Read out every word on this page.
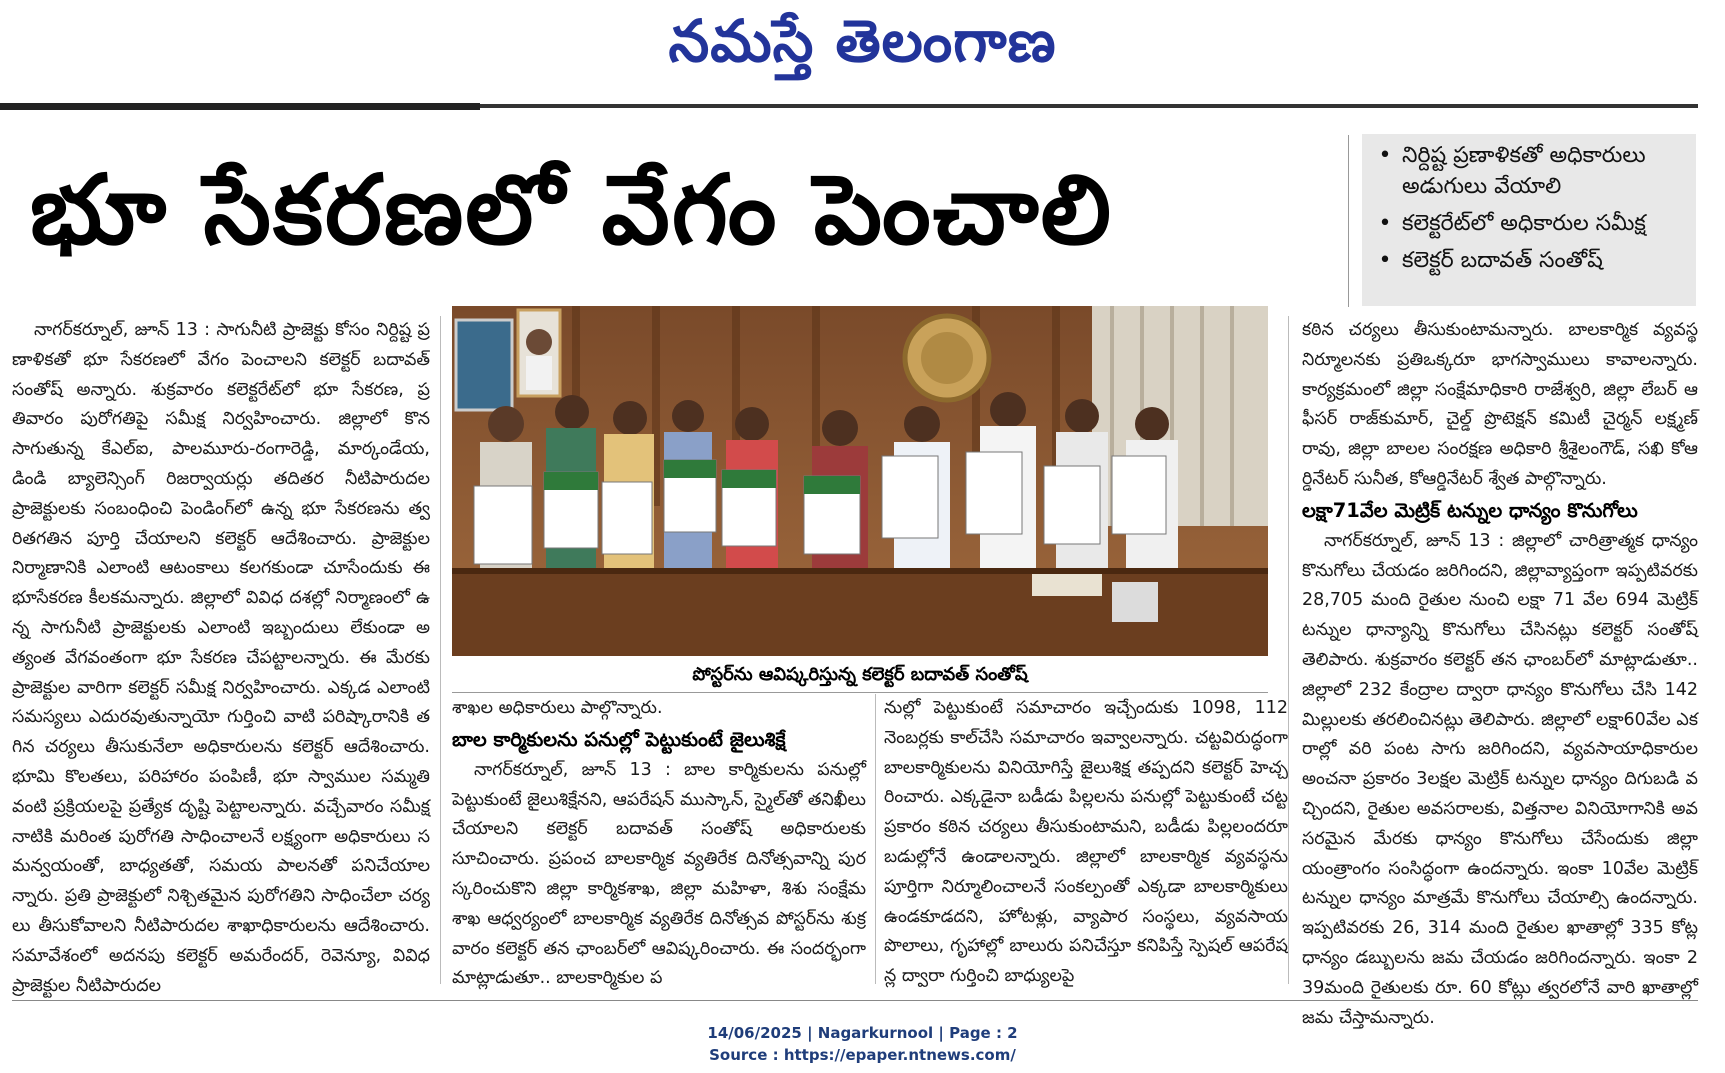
నమస్తే తెలంగాణ
భూ సేకరణలో వేగం పెంచాలి	• నిర్దిష్ట ప్రణాళికతో అధికారులు అడుగులు వేయాలి
• కలెక్టరేట్‌లో అధికారుల సమీక్ష
• కలెక్టర్ బదావత్ సంతోష్

నాగర్‌కర్నూల్, జూన్ 13 : సాగునీటి ప్రాజెక్టు కోసం నిర్దిష్ట ప్రణాళికతో భూ సేకరణలో వేగం పెంచాలని కలెక్టర్ బదావత్ సంతోష్ అన్నారు. శుక్రవారం కలెక్టరేట్‌లో భూ సేకరణ, ప్రతివారం పురోగతిపై సమీక్ష నిర్వహించారు. జిల్లాలో కొనసాగుతున్న కేఎల్ఐ, పాలమూరు-రంగారెడ్డి, మార్కండేయ, డిండి బ్యాలెన్సింగ్ రిజర్వాయర్లు తదితర నీటిపారుదల ప్రాజెక్టులకు సంబంధించి పెండింగ్‌లో ఉన్న భూ సేకరణను త్వరితగతిన పూర్తి చేయాలని కలెక్టర్ ఆదేశించారు. ప్రాజెక్టుల నిర్మాణానికి ఎలాంటి ఆటంకాలు కలగకుండా చూసేందుకు ఈ భూసేకరణ కీలకమన్నారు. జిల్లాలో వివిధ దశల్లో నిర్మాణంలో ఉన్న సాగునీటి ప్రాజెక్టులకు ఎలాంటి ఇబ్బందులు లేకుండా అత్యంత వేగవంతంగా భూ సేకరణ చేపట్టాలన్నారు. ఈ మేరకు ప్రాజెక్టుల వారిగా కలెక్టర్ సమీక్ష నిర్వహించారు. ఎక్కడ ఎలాంటి సమస్యలు ఎదురవుతున్నాయో గుర్తించి వాటి పరిష్కారానికి తగిన చర్యలు తీసుకునేలా అధికారులను కలెక్టర్ ఆదేశించారు. భూమి కొలతలు, పరిహారం పంపిణీ, భూ స్వాముల సమ్మతి వంటి ప్రక్రియలపై ప్రత్యేక దృష్టి పెట్టాలన్నారు. వచ్చేవారం సమీక్ష నాటికి మరింత పురోగతి సాధించాలనే లక్ష్యంగా అధికారులు సమన్వయంతో, బాధ్యతతో, సమయ పాలనతో పనిచేయాలన్నారు. ప్రతి ప్రాజెక్టులో నిశ్చితమైన పురోగతిని సాధించేలా చర్యలు తీసుకోవాలని నీటిపారుదల శాఖాధికారులను ఆదేశించారు. సమావేశంలో అదనపు కలెక్టర్ అమరేందర్, రెవెన్యూ, వివిధ ప్రాజెక్టుల నీటిపారుదల

పోస్టర్‌ను ఆవిష్కరిస్తున్న కలెక్టర్ బదావత్ సంతోష్

శాఖల అధికారులు పాల్గొన్నారు.

బాల కార్మికులను పనుల్లో పెట్టుకుంటే జైలుశిక్షే

నాగర్‌కర్నూల్, జూన్ 13 : బాల కార్మికులను పనుల్లో పెట్టుకుంటే జైలుశిక్షేనని, ఆపరేషన్ ముస్కాన్, స్మైల్‌తో తనిఖీలు చేయాలని కలెక్టర్ బదావత్ సంతోష్ అధికారులకు సూచించారు. ప్రపంచ బాలకార్మిక వ్యతిరేక దినోత్సవాన్ని పురస్కరించుకొని జిల్లా కార్మికశాఖ, జిల్లా మహిళా, శిశు సంక్షేమశాఖ ఆధ్వర్యంలో బాలకార్మిక వ్యతిరేక దినోత్సవ పోస్టర్‌ను శుక్రవారం కలెక్టర్ తన ఛాంబర్‌లో ఆవిష్కరించారు. ఈ సందర్భంగా మాట్లాడుతూ.. బాలకార్మికుల ప

నుల్లో పెట్టుకుంటే సమాచారం ఇచ్చేందుకు 1098, 112 నెంబర్లకు కాల్‌చేసి సమాచారం ఇవ్వాలన్నారు. చట్టవిరుద్ధంగా బాలకార్మికులను వినియోగిస్తే జైలుశిక్ష తప్పదని కలెక్టర్ హెచ్చరించారు. ఎక్కడైనా బడీడు పిల్లలను పనుల్లో పెట్టుకుంటే చట్టప్రకారం కఠిన చర్యలు తీసుకుంటామని, బడీడు పిల్లలందరూ బడుల్లోనే ఉండాలన్నారు. జిల్లాలో బాలకార్మిక వ్యవస్థను పూర్తిగా నిర్మూలించాలనే సంకల్పంతో ఎక్కడా బాలకార్మికులు ఉండకూడదని, హోటళ్లు, వ్యాపార సంస్థలు, వ్యవసాయ పొలాలు, గృహాల్లో బాలురు పనిచేస్తూ కనిపిస్తే స్పెషల్ ఆపరేషన్ల ద్వారా గుర్తించి బాధ్యులపై

కఠిన చర్యలు తీసుకుంటామన్నారు. బాలకార్మిక వ్యవస్థ నిర్మూలనకు ప్రతిఒక్కరూ భాగస్వాములు కావాలన్నారు. కార్యక్రమంలో జిల్లా సంక్షేమాధికారి రాజేశ్వరి, జిల్లా లేబర్ ఆఫీసర్ రాజ్‌కుమార్, చైల్డ్ ప్రొటెక్షన్ కమిటీ చైర్మన్ లక్ష్మణ్ రావు, జిల్లా బాలల సంరక్షణ అధికారి శ్రీశైలంగౌడ్, సఖి కోఆర్డినేటర్ సునీత, కోఆర్డినేటర్ శ్వేత పాల్గొన్నారు.

లక్షా71వేల మెట్రిక్ టన్నుల ధాన్యం కొనుగోలు

నాగర్‌కర్నూల్, జూన్ 13 : జిల్లాలో చారిత్రాత్మక ధాన్యం కొనుగోలు చేయడం జరిగిందని, జిల్లావ్యాప్తంగా ఇప్పటివరకు 28,705 మంది రైతుల నుంచి లక్షా 71 వేల 694 మెట్రిక్ టన్నుల ధాన్యాన్ని కొనుగోలు చేసినట్లు కలెక్టర్ సంతోష్ తెలిపారు. శుక్రవారం కలెక్టర్ తన ఛాంబర్‌లో మాట్లాడుతూ.. జిల్లాలో 232 కేంద్రాల ద్వారా ధాన్యం కొనుగోలు చేసి 142 మిల్లులకు తరలించినట్లు తెలిపారు. జిల్లాలో లక్షా60వేల ఎకరాల్లో వరి పంట సాగు జరిగిందని, వ్యవసాయాధికారుల అంచనా ప్రకారం 3లక్షల మెట్రిక్ టన్నుల ధాన్యం దిగుబడి వచ్చిందని, రైతుల అవసరాలకు, విత్తనాల వినియోగానికి అవసరమైన మేరకు ధాన్యం కొనుగోలు చేసేందుకు జిల్లా యంత్రాంగం సంసిద్ధంగా ఉందన్నారు. ఇంకా 10వేల మెట్రిక్ టన్నుల ధాన్యం మాత్రమే కొనుగోలు చేయాల్సి ఉందన్నారు. ఇప్పటివరకు 26, 314 మంది రైతుల ఖాతాల్లో 335 కోట్ల ధాన్యం డబ్బులను జమ చేయడం జరిగిందన్నారు. ఇంకా 239మంది రైతులకు రూ. 60 కోట్లు త్వరలోనే వారి ఖాతాల్లో జమ చేస్తామన్నారు.

14/06/2025 | Nagarkurnool | Page : 2
Source : https://epaper.ntnews.com/
